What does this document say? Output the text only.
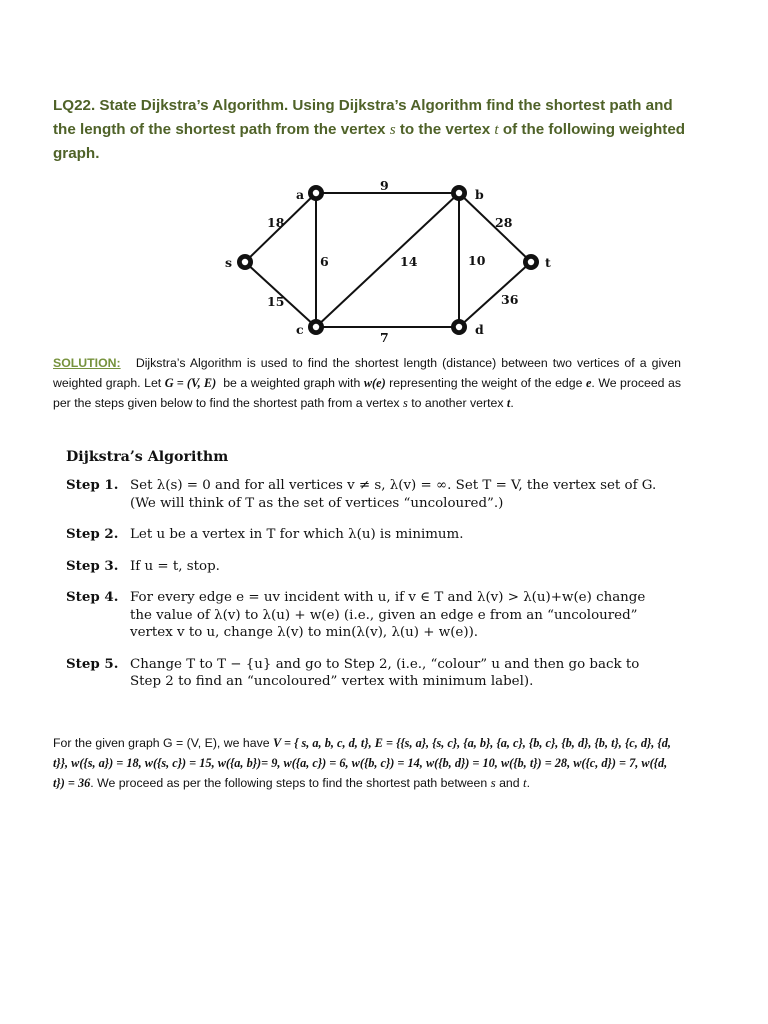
LQ22. State Dijkstra’s Algorithm. Using Dijkstra’s Algorithm find the shortest path and the length of the shortest path from the vertex s to the vertex t of the following weighted graph.
18
15
9
6	14	10
28
7
36
s
a	b
c	d
t
SOLUTION: Dijkstra’s Algorithm is used to find the shortest length (distance) between two vertices of a given weighted graph. Let G = (V, E)  be a weighted graph with w(e) representing the weight of the edge e. We proceed as per the steps given below to find the shortest path from a vertex s to another vertex t.
Dijkstra’s Algorithm
Step 1. Set λ(s) = 0 and for all vertices v ≠ s, λ(v) = ∞. Set T = V, the vertex set of G. (We will think of T as the set of vertices “uncoloured”.)
Step 2. Let u be a vertex in T for which λ(u) is minimum.
Step 3. If u = t, stop.
Step 4. For every edge e = uv incident with u, if v ∈ T and λ(v) > λ(u)+w(e) change the value of λ(v) to λ(u) + w(e) (i.e., given an edge e from an “uncoloured” vertex v to u, change λ(v) to min(λ(v), λ(u) + w(e)).
Step 5. Change T to T − {u} and go to Step 2, (i.e., “colour” u and then go back to Step 2 to find an “uncoloured” vertex with minimum label).
For the given graph G = (V, E), we have V = { s, a, b, c, d, t}, E = {{s, a}, {s, c}, {a, b}, {a, c}, {b, c}, {b, d}, {b, t}, {c, d}, {d, t}}, w({s, a}) = 18, w({s, c}) = 15, w({a, b})= 9, w({a, c}) = 6, w({b, c}) = 14, w({b, d}) = 10, w({b, t}) = 28, w({c, d}) = 7, w({d, t}) = 36. We proceed as per the following steps to find the shortest path between s and t.
